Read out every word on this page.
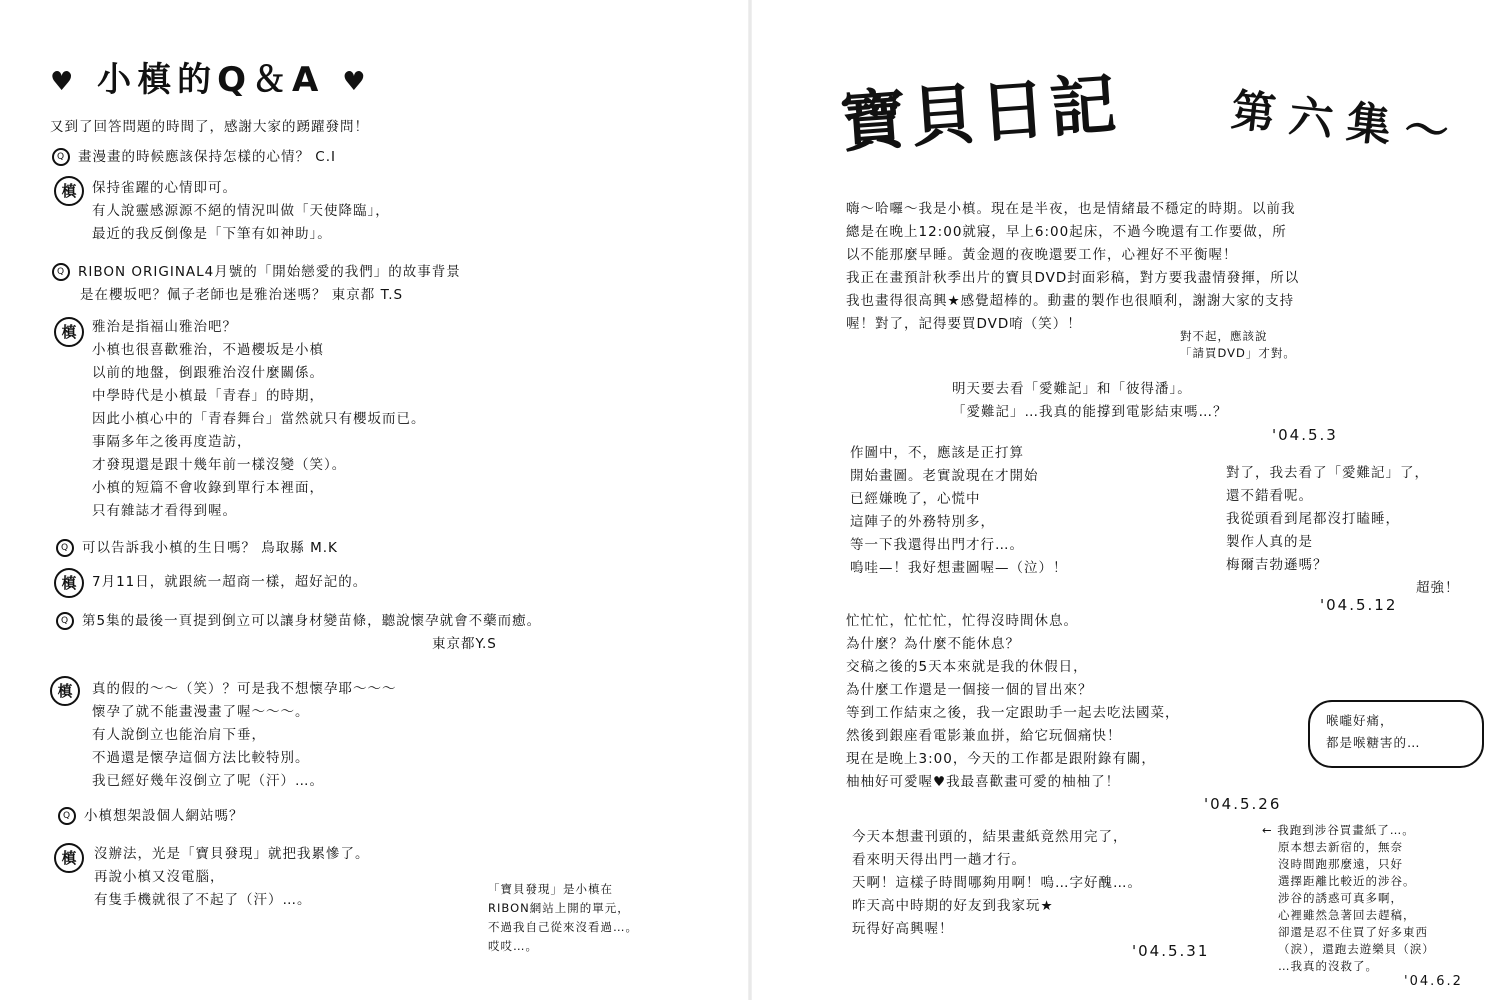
♥ 小槙的Q＆A ♥
又到了回答問題的時間了，感謝大家的踴躍發問！
Q 畫漫畫的時候應該保持怎樣的心情？ C.I
槙	保持雀躍的心情即可。
有人說靈感源源不絕的情況叫做「天使降臨」，
最近的我反倒像是「下筆有如神助」。
Q RIBON ORIGINAL4月號的「開始戀愛的我們」的故事背景
是在櫻坂吧？佩子老師也是雅治迷嗎？ 東京都 T.S
槙	雅治是指福山雅治吧？
小槙也很喜歡雅治，不過櫻坂是小槙
以前的地盤，倒跟雅治沒什麼關係。
中學時代是小槙最「青春」的時期，
因此小槙心中的「青春舞台」當然就只有櫻坂而已。
事隔多年之後再度造訪，
才發現還是跟十幾年前一樣沒變（笑）。
小槙的短篇不會收錄到單行本裡面，
只有雜誌才看得到喔。
Q 可以告訴我小槙的生日嗎？ 鳥取縣 M.K
槙	7月11日，就跟統一超商一樣，超好記的。
Q 第5集的最後一頁提到倒立可以讓身材變苗條，聽說懷孕就會不藥而癒。
東京都Y.S
槙	真的假的～～（笑）？可是我不想懷孕耶～～～
懷孕了就不能畫漫畫了喔～～～。
有人說倒立也能治肩下垂，
不過還是懷孕這個方法比較特別。
我已經好幾年沒倒立了呢（汗）…。
Q 小槙想架設個人網站嗎？
槙	沒辦法，光是「寶貝發現」就把我累慘了。
再說小槙又沒電腦，
有隻手機就很了不起了（汗）…。
「寶貝發現」是小槙在
RIBON網站上開的單元，
不過我自己從來沒看過…。
哎哎…。
寶貝日記 第六集～
嗨～哈囉～我是小槙。現在是半夜，也是情緒最不穩定的時期。以前我
總是在晚上12:00就寢，早上6:00起床，不過今晚還有工作要做，所
以不能那麼早睡。黃金週的夜晚還要工作，心裡好不平衡喔！
我正在畫預計秋季出片的寶貝DVD封面彩稿，對方要我盡情發揮，所以
我也畫得很高興★感覺超棒的。動畫的製作也很順利，謝謝大家的支持
喔！對了，記得要買DVD唷（笑）！
對不起，應該說
「請買DVD」才對。
明天要去看「愛難記」和「彼得潘」。
「愛難記」…我真的能撐到電影結束嗎…？
'04.5.3
作圖中，不，應該是正打算
開始畫圖。老實說現在才開始
已經嫌晚了，心慌中
這陣子的外務特別多，
等一下我還得出門才行…。
嗚哇—！我好想畫圖喔—（泣）！
對了，我去看了「愛難記」了，
還不錯看呢。
我從頭看到尾都沒打瞌睡，
製作人真的是
梅爾吉勃遜嗎？
超強！
'04.5.12
忙忙忙，忙忙忙，忙得沒時間休息。
為什麼？為什麼不能休息？
交稿之後的5天本來就是我的休假日，
為什麼工作還是一個接一個的冒出來？
等到工作結束之後，我一定跟助手一起去吃法國菜，
然後到銀座看電影兼血拼，給它玩個痛快！
現在是晚上3:00，今天的工作都是跟附錄有關，
柚柚好可愛喔♥我最喜歡畫可愛的柚柚了！
喉嚨好痛，
都是喉糖害的…
'04.5.26
今天本想畫刊頭的，結果畫紙竟然用完了，
看來明天得出門一趟才行。
天啊！這樣子時間哪夠用啊！嗚…字好醜…。
昨天高中時期的好友到我家玩★
玩得好高興喔！
'04.5.31
← 我跑到涉谷買畫紙了…。
原本想去新宿的，無奈
沒時間跑那麼遠，只好
選擇距離比較近的涉谷。
涉谷的誘惑可真多啊，
心裡雖然急著回去趕稿，
卻還是忍不住買了好多東西
（淚），還跑去遊樂貝（淚）
…我真的沒救了。
'04.6.2
